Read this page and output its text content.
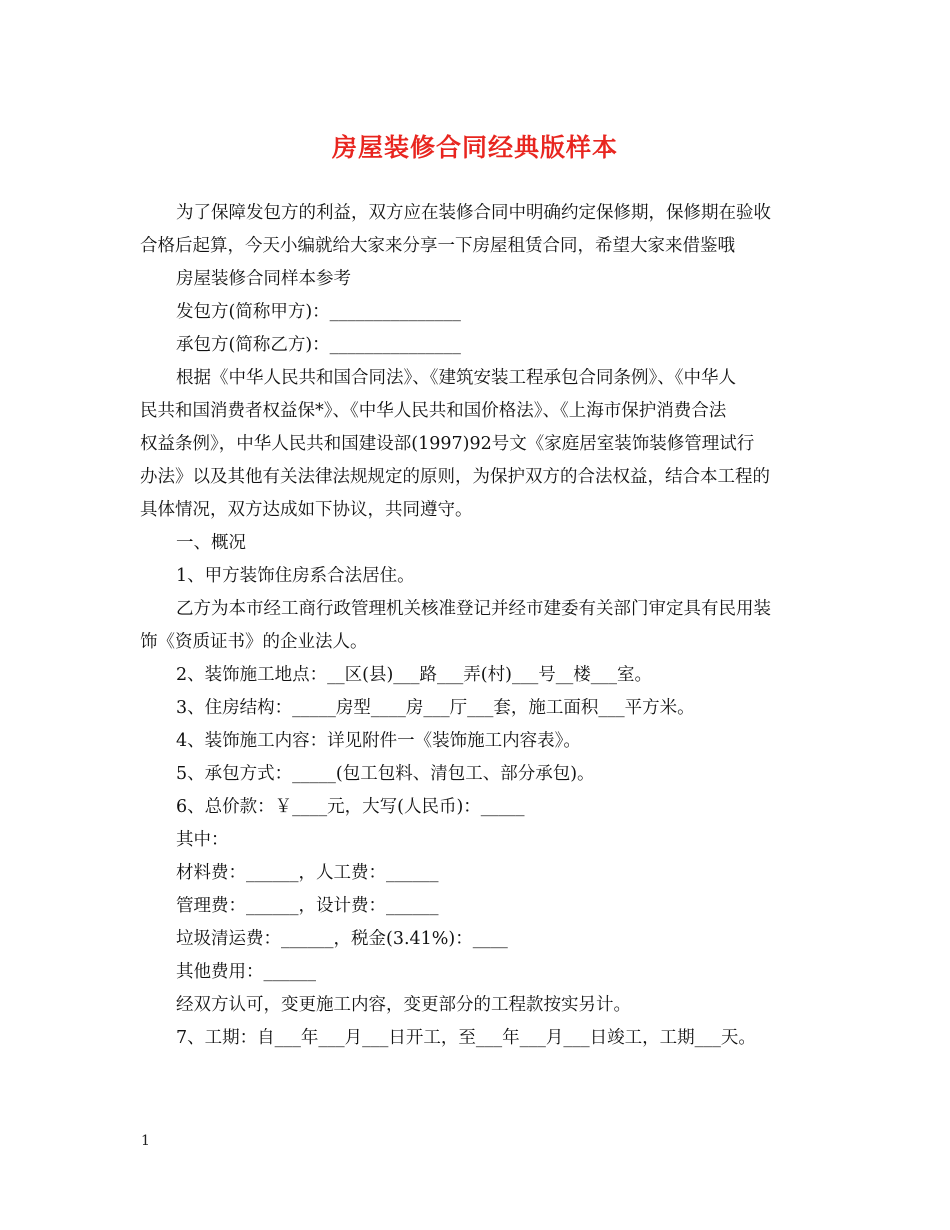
房屋装修合同经典版样本
为了保障发包方的利益，双方应在装修合同中明确约定保修期，保修期在验收
合格后起算，今天小编就给大家来分享一下房屋租赁合同，希望大家来借鉴哦
房屋装修合同样本参考
发包方(简称甲方)：_______________
承包方(简称乙方)：_______________
根据《中华人民共和国合同法》、《建筑安装工程承包合同条例》、《中华人
民共和国消费者权益保*》、《中华人民共和国价格法》、《上海市保护消费合法
权益条例》，中华人民共和国建设部(1997)92号文《家庭居室装饰装修管理试行
办法》以及其他有关法律法规规定的原则，为保护双方的合法权益，结合本工程的
具体情况，双方达成如下协议，共同遵守。
一、概况
1、甲方装饰住房系合法居住。
乙方为本市经工商行政管理机关核准登记并经市建委有关部门审定具有民用装
饰《资质证书》的企业法人。
2、装饰施工地点：__区(县)___路___弄(村)___号__楼___室。
3、住房结构：_____房型____房___厅___套，施工面积___平方米。
4、装饰施工内容：详见附件一《装饰施工内容表》。
5、承包方式：_____(包工包料、清包工、部分承包)。
6、总价款：￥____元，大写(人民币)：_____
其中：
材料费：______，人工费：______
管理费：______，设计费：______
垃圾清运费：______，税金(3.41%)：____
其他费用：______
经双方认可，变更施工内容，变更部分的工程款按实另计。
7、工期：自___年___月___日开工，至___年___月___日竣工，工期___天。
1
